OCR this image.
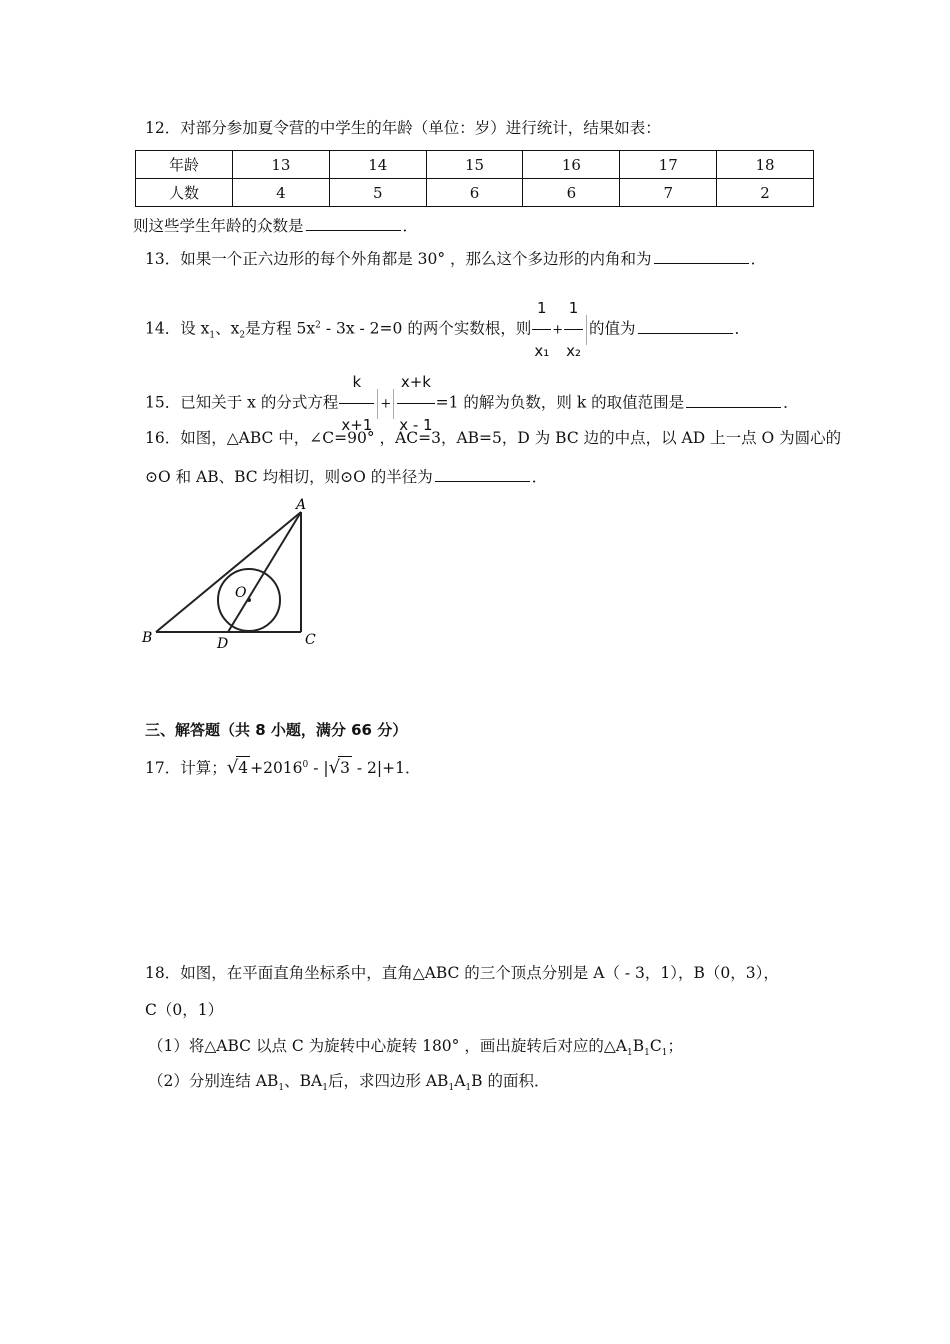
12．对部分参加夏令营的中学生的年龄（单位：岁）进行统计，结果如表：
年龄	13	14	15	16	17	18
人数	4	5	6	6	7	2
则这些学生年龄的众数是	．
13．如果一个正六边形的每个外角都是 30° ，那么这个多边形的内角和为	．
14．设 $x_1$、$x_2$是方程 $5x^2 - 3x - 2=0$ 的两个实数根，则 $\frac{1}{\text{x₁}} + \frac{1}{\text{x₂}}$ 的值为	．
15．已知关于 x 的分式方程 $\frac{k}{x+1} + \frac{x+k}{x - 1} =1$ 的解为负数，则 k 的取值范围是	．
16．如图，△ABC 中，∠C=90° ，AC=3，AB=5，D 为 BC 边的中点，以 AD 上一点 O 为圆心的
⊙O 和 AB、BC 均相切，则⊙O 的半径为	．
A
B	C
D
O
三、解答题（共 8 小题，满分 66 分）
17．计算；$√4 +2016^0 - |√3 - 2|+1$．
18．如图，在平面直角坐标系中，直角△ABC 的三个顶点分别是 A（ - 3，1），B（0，3），
C（0，1）
（1）将△ABC 以点 C 为旋转中心旋转 180° ，画出旋转后对应的$\triangle A_1B_1C_1$；
（2）分别连结 $AB_1$、$BA_1$后，求四边形 $AB_1A_1B$ 的面积．
